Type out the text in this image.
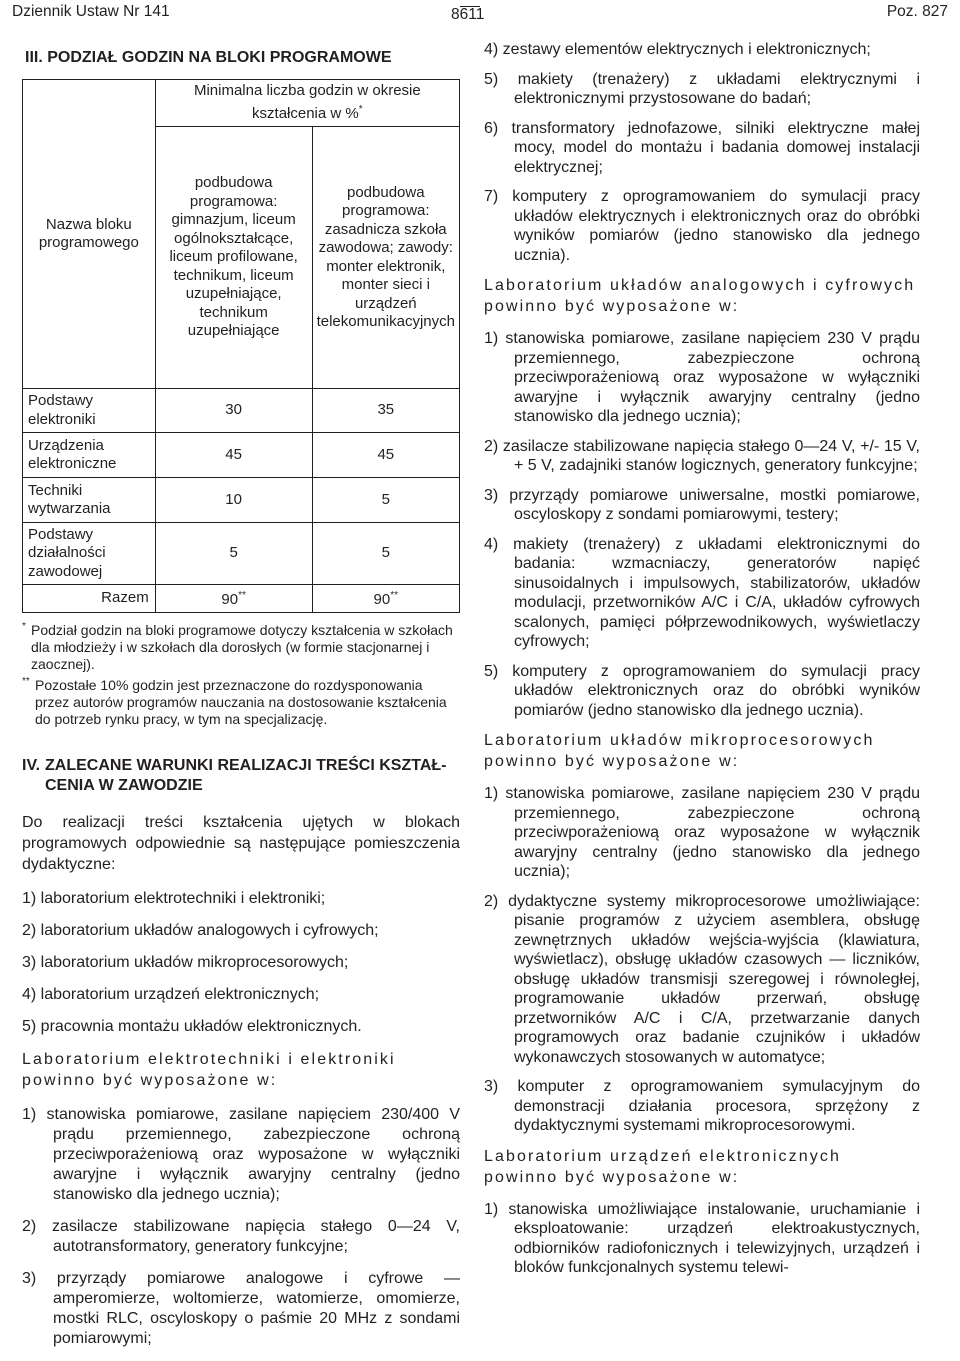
Dziennik Ustaw Nr 141	8611	Poz. 827
III. PODZIAŁ GODZIN NA BLOKI PROGRAMOWE
Nazwa bloku programowego	Minimalna liczba godzin w okresie kształcenia w %*
	podbudowa programowa: gimnazjum, liceum ogólnokształcące, liceum profilowane, technikum, liceum uzupełniające, technikum uzupełniające	podbudowa programowa: zasadnicza szkoła zawodowa; zawody: monter elektronik, monter sieci i urządzeń telekomunikacyjnych
Podstawy elektroniki	30	35
Urządzenia elektroniczne	45	45
Techniki wytwarzania	10	5
Podstawy działalności zawodowej	5	5
Razem	90**	90**

* Podział godzin na bloki programowe dotyczy kształcenia w szkołach dla młodzieży i w szkołach dla dorosłych (w formie stacjonarnej i zaocznej).

** Pozostałe 10% godzin jest przeznaczone do rozdysponowania przez autorów programów nauczania na dostosowanie kształcenia do potrzeb rynku pracy, w tym na specjalizację.

IV. ZALECANE WARUNKI REALIZACJI TREŚCI KSZTAŁ-
CENIA W ZAWODZIE

Do realizacji treści kształcenia ujętych w blokach programowych odpowiednie są następujące pomieszczenia dydaktyczne:

1) laboratorium elektrotechniki i elektroniki;
2) laboratorium układów analogowych i cyfrowych;
3) laboratorium układów mikroprocesorowych;
4) laboratorium urządzeń elektronicznych;
5) pracownia montażu układów elektronicznych.

Laboratorium elektrotechniki i elektroniki powinno być wyposażone w:

1) stanowiska pomiarowe, zasilane napięciem 230/400 V prądu przemiennego, zabezpieczone ochroną przeciwporażeniową oraz wyposażone w wyłączniki awaryjne i wyłącznik awaryjny centralny (jedno stanowisko dla jednego ucznia);
2) zasilacze stabilizowane napięcia stałego 0—24 V, autotransformatory, generatory funkcyjne;
3) przyrządy pomiarowe analogowe i cyfrowe — amperomierze, woltomierze, watomierze, omomierze, mostki RLC, oscyloskopy o paśmie 20 MHz z sondami pomiarowymi;
4) zestawy elementów elektrycznych i elektronicznych;
5) makiety (trenażery) z układami elektrycznymi i elektronicznymi przystosowane do badań;
6) transformatory jednofazowe, silniki elektryczne małej mocy, model do montażu i badania domowej instalacji elektrycznej;
7) komputery z oprogramowaniem do symulacji pracy układów elektrycznych i elektronicznych oraz do obróbki wyników pomiarów (jedno stanowisko dla jednego ucznia).

Laboratorium układów analogowych i cyfrowych powinno być wyposażone w:

1) stanowiska pomiarowe, zasilane napięciem 230 V prądu przemiennego, zabezpieczone ochroną przeciwporażeniową oraz wyposażone w wyłączniki awaryjne i wyłącznik awaryjny centralny (jedno stanowisko dla jednego ucznia);
2) zasilacze stabilizowane napięcia stałego 0—24 V, +/- 15 V, + 5 V, zadajniki stanów logicznych, generatory funkcyjne;
3) przyrządy pomiarowe uniwersalne, mostki pomiarowe, oscyloskopy z sondami pomiarowymi, testery;
4) makiety (trenażery) z układami elektronicznymi do badania: wzmacniaczy, generatorów napięć sinusoidalnych i impulsowych, stabilizatorów, układów modulacji, przetworników A/C i C/A, układów cyfrowych scalonych, pamięci półprzewodnikowych, wyświetlaczy cyfrowych;
5) komputery z oprogramowaniem do symulacji pracy układów elektronicznych oraz do obróbki wyników pomiarów (jedno stanowisko dla jednego ucznia).

Laboratorium układów mikroprocesorowych powinno być wyposażone w:

1) stanowiska pomiarowe, zasilane napięciem 230 V prądu przemiennego, zabezpieczone ochroną przeciwporażeniową oraz wyposażone w wyłącznik awaryjny centralny (jedno stanowisko dla jednego ucznia);
2) dydaktyczne systemy mikroprocesorowe umożliwiające: pisanie programów z użyciem asemblera, obsługę zewnętrznych układów wejścia-wyjścia (klawiatura, wyświetlacz), obsługę układów czasowych — liczników, obsługę układów transmisji szeregowej i równoległej, programowanie układów przerwań, obsługę przetworników A/C i C/A, przetwarzanie danych programowych oraz badanie czujników i układów wykonawczych stosowanych w automatyce;
3) komputer z oprogramowaniem symulacyjnym do demonstracji działania procesora, sprzężony z dydaktycznymi systemami mikroprocesorowymi.

Laboratorium urządzeń elektronicznych powinno być wyposażone w:

1) stanowiska umożliwiające instalowanie, uruchamianie i eksploatowanie: urządzeń elektroakustycznych, odbiorników radiofonicznych i telewizyjnych, urządzeń i bloków funkcjonalnych systemu telewi-
